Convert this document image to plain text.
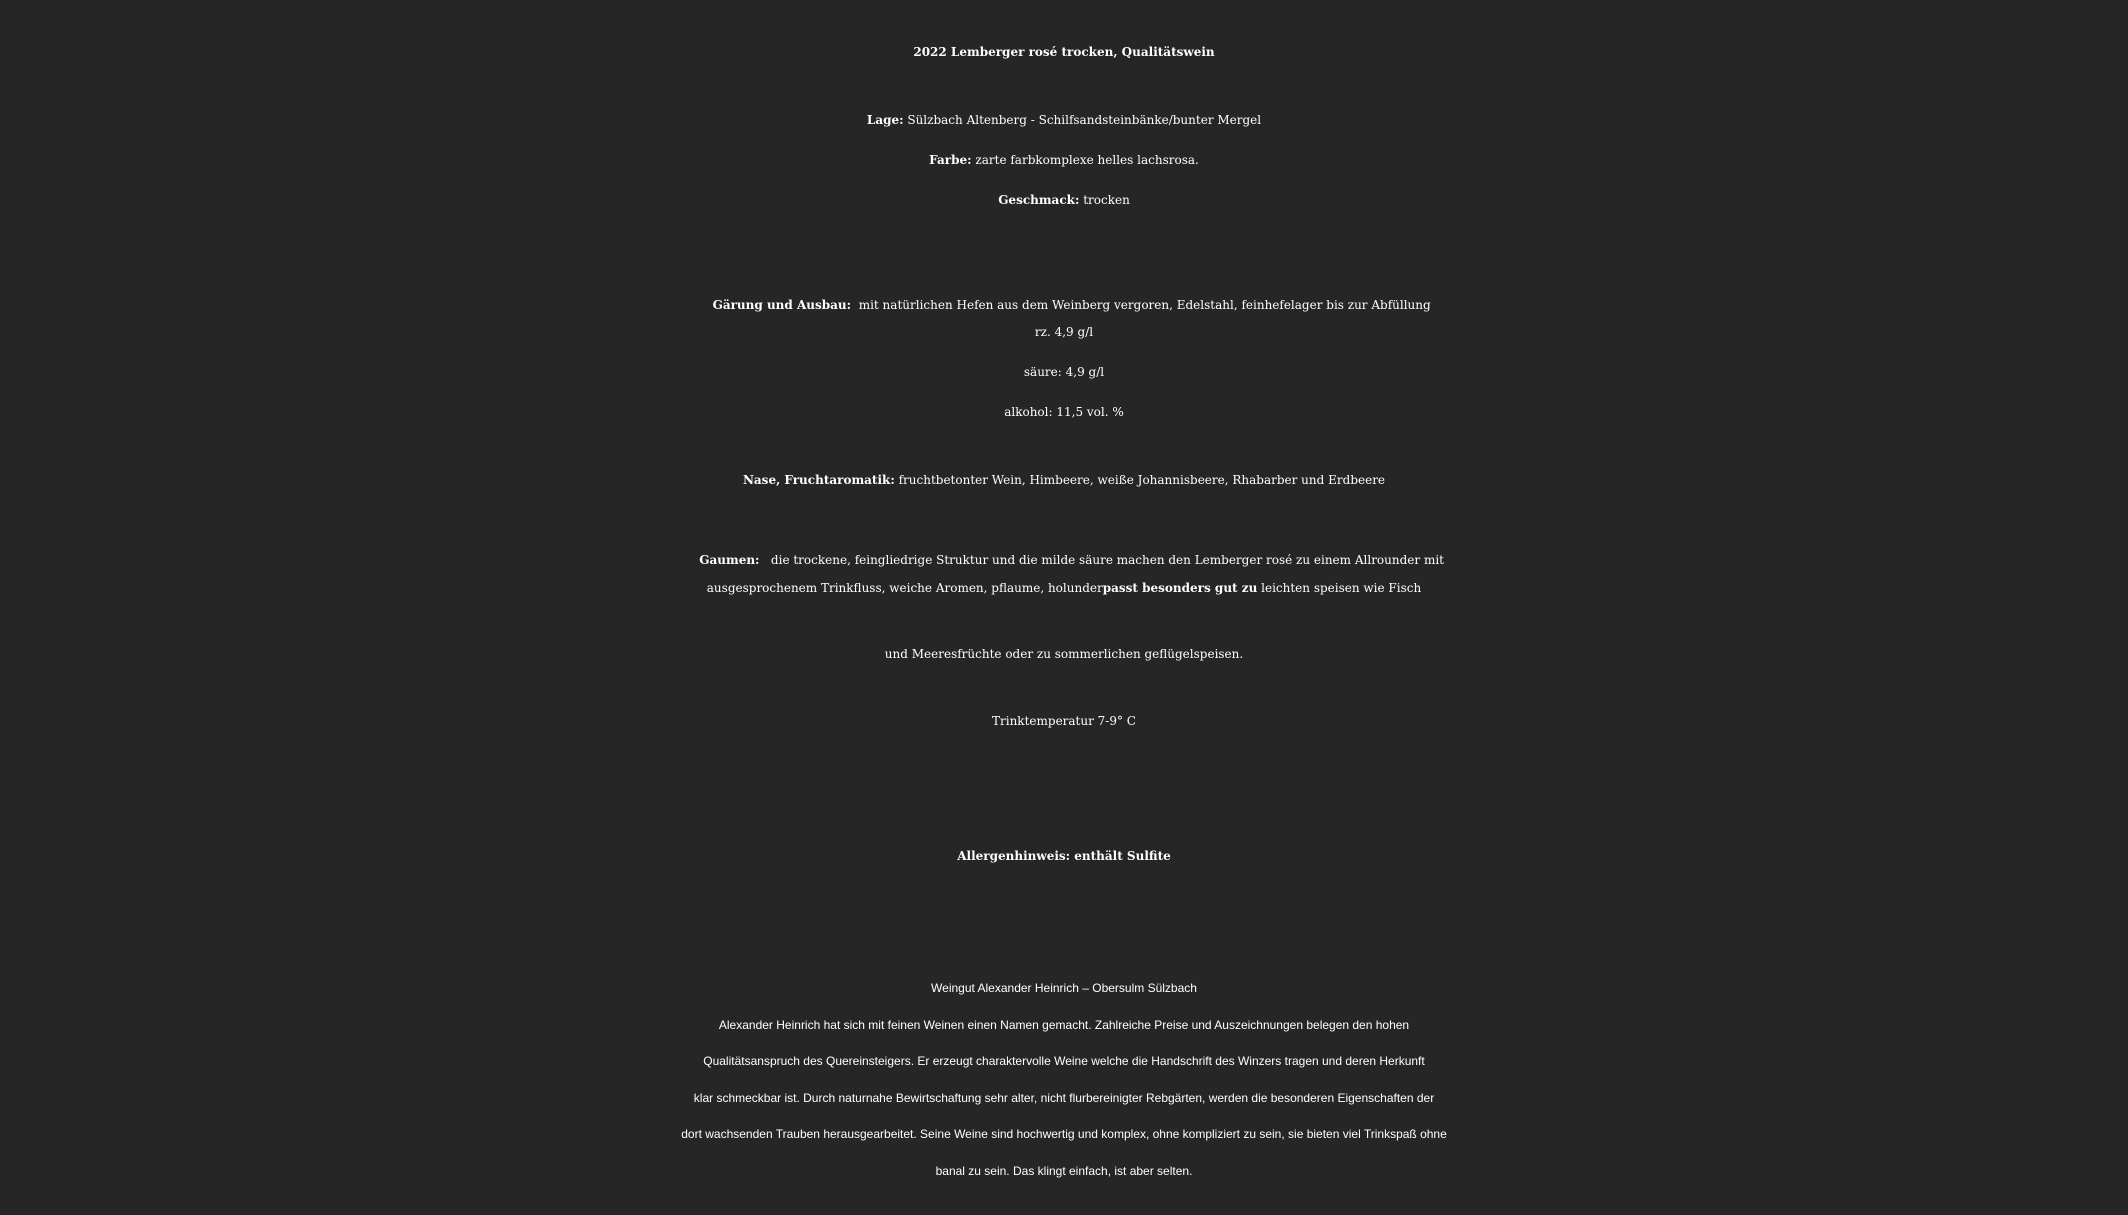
2022 Lemberger rosé trocken, Qualitätswein
Lage: Sülzbach Altenberg - Schilfsandsteinbänke/bunter Mergel
Farbe: zarte farbkomplexe helles lachsrosa.
Geschmack: trocken

Gärung und Ausbau:  mit natürlichen Hefen aus dem Weinberg vergoren, Edelstahl, feinhefelager bis zur Abfüllung

rz. 4,9 g/l
säure: 4,9 g/l
alkohol: 11,5 vol. %
Nase, Fruchtaromatik: fruchtbetonter Wein, Himbeere, weiße Johannisbeere, Rhabarber und Erdbeere

Gaumen:   die trockene, feingliedrige Struktur und die milde säure machen den Lemberger rosé zu einem Allrounder mit

ausgesprochenem Trinkfluss, weiche Aromen, pflaume, holunderpasst besonders gut zu leichten speisen wie Fisch
und Meeresfrüchte oder zu sommerlichen geflügelspeisen.
Trinktemperatur 7-9° C
Allergenhinweis: enthält Sulfite
Weingut Alexander Heinrich – Obersulm Sülzbach
Alexander Heinrich hat sich mit feinen Weinen einen Namen gemacht. Zahlreiche Preise und Auszeichnungen belegen den hohen
Qualitätsanspruch des Quereinsteigers. Er erzeugt charaktervolle Weine welche die Handschrift des Winzers tragen und deren Herkunft
klar schmeckbar ist. Durch naturnahe Bewirtschaftung sehr alter, nicht flurbereinigter Rebgärten, werden die besonderen Eigenschaften der
dort wachsenden Trauben herausgearbeitet. Seine Weine sind hochwertig und komplex, ohne kompliziert zu sein, sie bieten viel Trinkspaß ohne
banal zu sein. Das klingt einfach, ist aber selten.
